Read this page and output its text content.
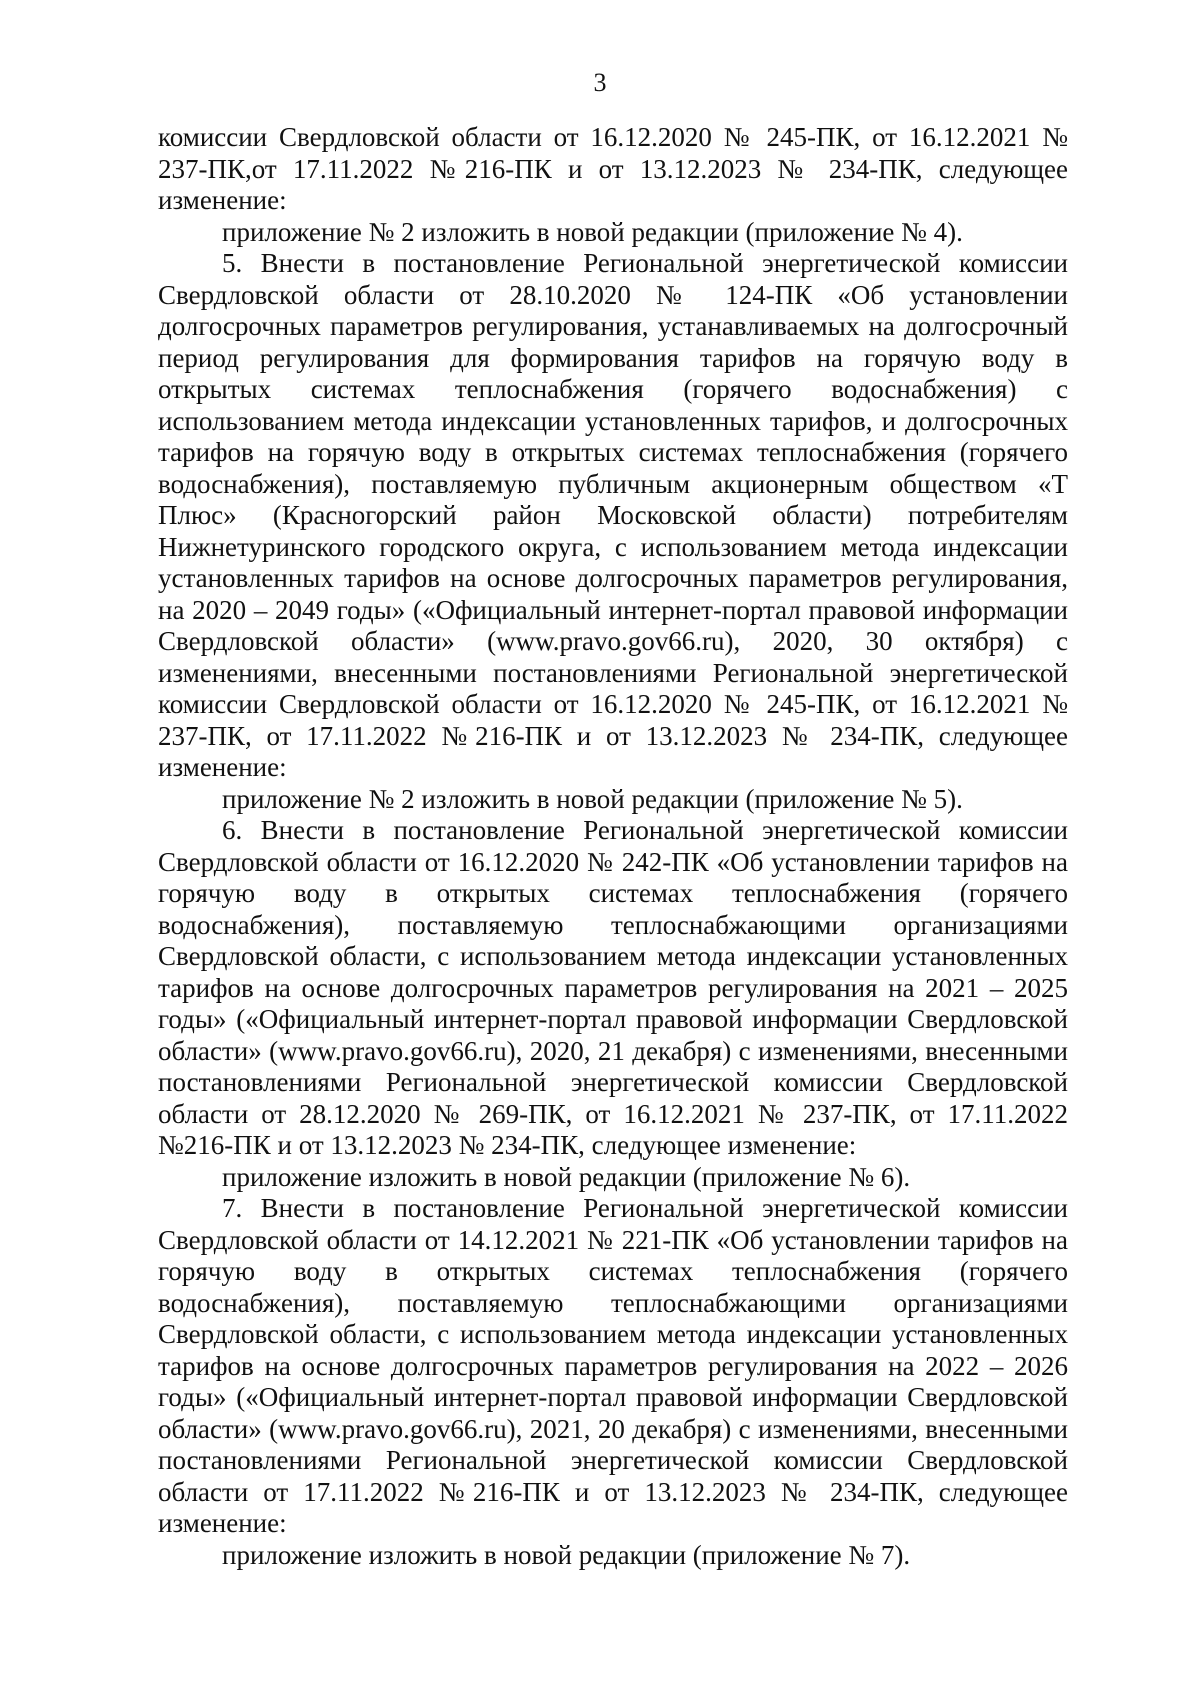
3

комиссии Свердловской области от 16.12.2020 № 245-ПК, от 16.12.2021 № 237-ПК,от 17.11.2022 №216-ПК и от 13.12.2023 № 234-ПК, следующее изменение:

приложение № 2 изложить в новой редакции (приложение № 4).

5. Внести в постановление Региональной энергетической комиссии Свердловской области от 28.10.2020 № 124-ПК «Об установлении долгосрочных параметров регулирования, устанавливаемых на долгосрочный период регулирования для формирования тарифов на горячую воду в открытых системах теплоснабжения (горячего водоснабжения) с использованием метода индексации установленных тарифов, и долгосрочных тарифов на горячую воду в открытых системах теплоснабжения (горячего водоснабжения), поставляемую публичным акционерным обществом «Т Плюс» (Красногорский район Московской области) потребителям Нижнетуринского городского округа, с использованием метода индексации установленных тарифов на основе долгосрочных параметров регулирования, на 2020 – 2049 годы» («Официальный интернет-портал правовой информации Свердловской области» (www.pravo.gov66.ru), 2020, 30 октября) с изменениями, внесенными постановлениями Региональной энергетической комиссии Свердловской области от 16.12.2020 № 245-ПК, от 16.12.2021 № 237-ПК, от 17.11.2022 №216-ПК и от 13.12.2023 № 234-ПК, следующее изменение:

приложение № 2 изложить в новой редакции (приложение № 5).

6. Внести в постановление Региональной энергетической комиссии Свердловской области от 16.12.2020 № 242-ПК «Об установлении тарифов на горячую воду в открытых системах теплоснабжения (горячего водоснабжения), поставляемую теплоснабжающими организациями Свердловской области, с использованием метода индексации установленных тарифов на основе долгосрочных параметров регулирования на 2021 – 2025 годы» («Официальный интернет-портал правовой информации Свердловской области» (www.pravo.gov66.ru), 2020, 21 декабря) с изменениями, внесенными постановлениями Региональной энергетической комиссии Свердловской области от 28.12.2020 № 269-ПК, от 16.12.2021 № 237-ПК, от 17.11.2022 №216-ПК и от 13.12.2023 № 234-ПК, следующее изменение:

приложение изложить в новой редакции (приложение № 6).

7. Внести в постановление Региональной энергетической комиссии Свердловской области от 14.12.2021 № 221-ПК «Об установлении тарифов на горячую воду в открытых системах теплоснабжения (горячего водоснабжения), поставляемую теплоснабжающими организациями Свердловской области, с использованием метода индексации установленных тарифов на основе долгосрочных параметров регулирования на 2022 – 2026 годы» («Официальный интернет-портал правовой информации Свердловской области» (www.pravo.gov66.ru), 2021, 20 декабря) с изменениями, внесенными постановлениями Региональной энергетической комиссии Свердловской области от 17.11.2022 №216-ПК и от 13.12.2023 № 234-ПК, следующее изменение:

приложение изложить в новой редакции (приложение № 7).
